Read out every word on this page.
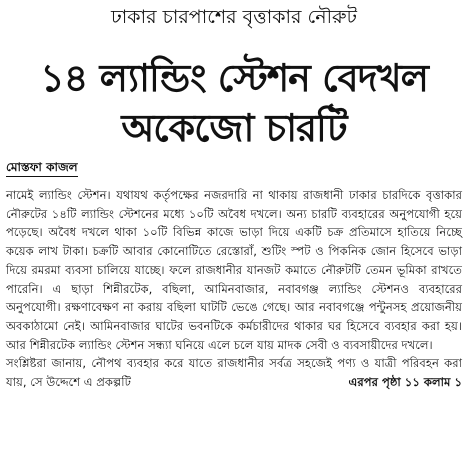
ঢাকার চারপাশের বৃত্তাকার নৌরুট
১৪ ল্যান্ডিং স্টেশন বেদখল
অকেজো চারটি
মোস্তফা কাজল

নামেই ল্যান্ডিং স্টেশন। যথাযথ কর্তৃপক্ষের নজরদারি না থাকায় রাজধানী ঢাকার চারদিকে বৃত্তাকার নৌরুটের ১৪টি ল্যান্ডিং স্টেশনের মধ্যে ১০টি অবৈধ দখলে। অন্য চারটি ব্যবহারের অনুপযোগী হয়ে পড়েছে। অবৈধ দখলে থাকা ১০টি বিভিন্ন কাজে ভাড়া দিয়ে একটি চক্র প্রতিমাসে হাতিয়ে নিচ্ছে কয়েক লাখ টাকা। চক্রটি আবার কোনোটিতে রেস্তোরাঁ, শুটিং স্পট ও পিকনিক জোন হিসেবে ভাড়া দিয়ে রমরমা ব্যবসা চালিয়ে যাচ্ছে। ফলে রাজধানীর যানজট কমাতে নৌরুটটি তেমন ভূমিকা রাখতে পারেনি। এ ছাড়া শিন্নীরটেক, বছিলা, আমিনবাজার, নবাবগঞ্জ ল্যান্ডিং স্টেশনও ব্যবহারের অনুপযোগী। রক্ষণাবেক্ষণ না করায় বছিলা ঘাটটি ভেঙে গেছে। আর নবাবগঞ্জে পন্টুনসহ প্রয়োজনীয় অবকাঠামো নেই। আমিনবাজার ঘাটের ভবনটিকে কর্মচারীদের থাকার ঘর হিসেবে ব্যবহার করা হয়। আর শিন্নীরটেক ল্যান্ডিং স্টেশন সন্ধ্যা ঘনিয়ে এলে চলে যায় মাদক সেবী ও ব্যবসায়ীদের দখলে।

সংশ্লিষ্টরা জানায়, নৌপথ ব্যবহার করে যাতে রাজধানীর সর্বত্র সহজেই পণ্য ও যাত্রী পরিবহন করা যায়, সে উদ্দেশে এ প্রকল্পটি	এরপর পৃষ্ঠা ১১ কলাম ১
